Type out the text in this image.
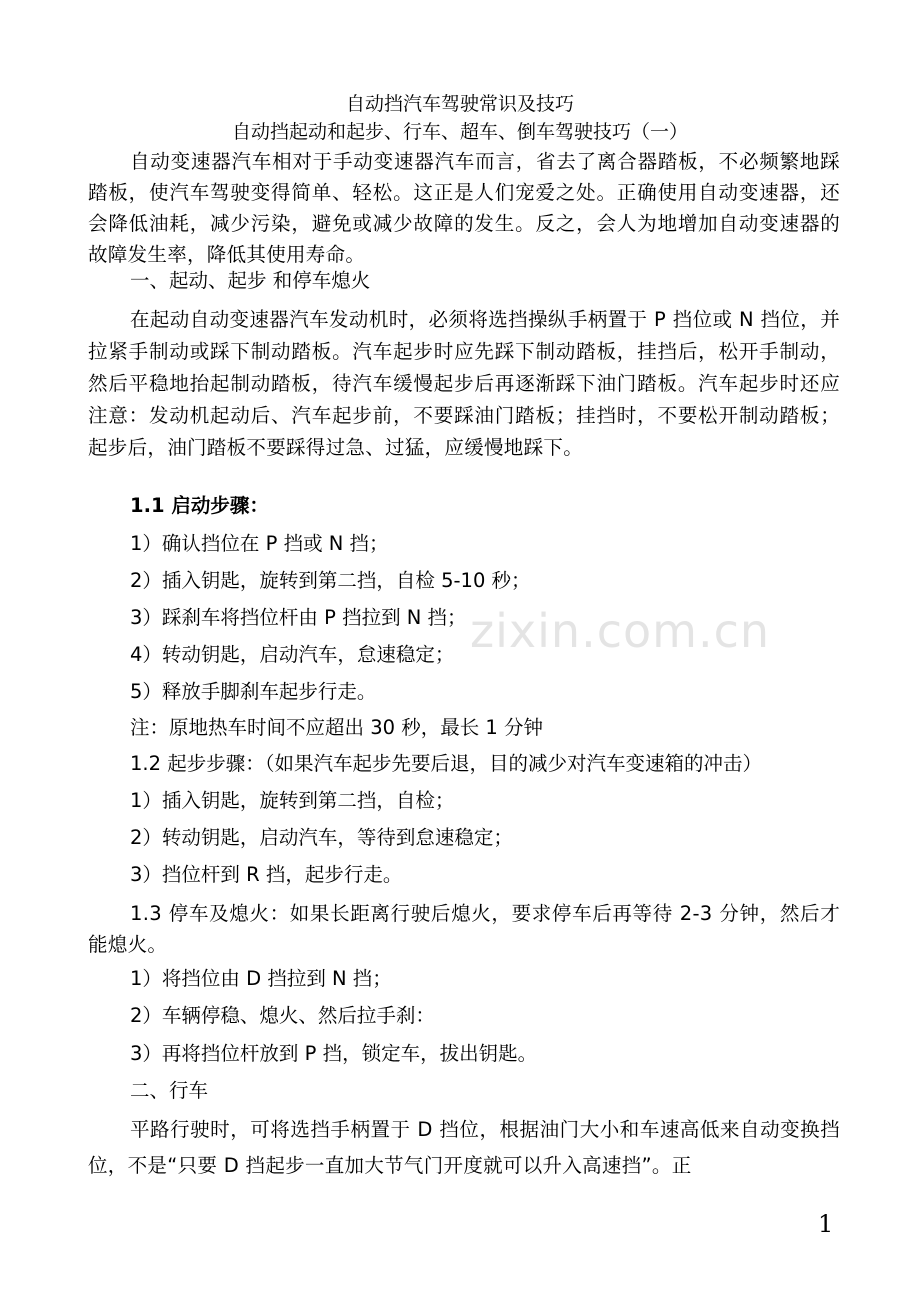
自动挡汽车驾驶常识及技巧
自动挡起动和起步、行车、超车、倒车驾驶技巧（一）
自动变速器汽车相对于手动变速器汽车而言，省去了离合器踏板，不必频繁地踩踏板，使汽车驾驶变得简单、轻松。这正是人们宠爱之处。正确使用自动变速器，还会降低油耗，减少污染，避免或减少故障的发生。反之，会人为地增加自动变速器的故障发生率，降低其使用寿命。
一、起动、起步 和停车熄火
在起动自动变速器汽车发动机时，必须将选挡操纵手柄置于 P 挡位或 N 挡位，并拉紧手制动或踩下制动踏板。汽车起步时应先踩下制动踏板，挂挡后，松开手制动，然后平稳地抬起制动踏板，待汽车缓慢起步后再逐渐踩下油门踏板。汽车起步时还应注意：发动机起动后、汽车起步前，不要踩油门踏板；挂挡时，不要松开制动踏板；起步后，油门踏板不要踩得过急、过猛，应缓慢地踩下。
1.1 启动步骤：
1）确认挡位在 P 挡或 N 挡；
2）插入钥匙，旋转到第二挡，自检 5-10 秒；
3）踩刹车将挡位杆由 P 挡拉到 N 挡；
4）转动钥匙，启动汽车，怠速稳定；
5）释放手脚刹车起步行走。
注：原地热车时间不应超出 30 秒，最长 1 分钟
1.2 起步步骤：（如果汽车起步先要后退，目的减少对汽车变速箱的冲击）
1）插入钥匙，旋转到第二挡，自检；
2）转动钥匙，启动汽车，等待到怠速稳定；
3）挡位杆到 R 挡，起步行走。
1.3 停车及熄火：如果长距离行驶后熄火，要求停车后再等待 2-3 分钟，然后才能熄火。
1）将挡位由 D 挡拉到 N 挡；
2）车辆停稳、熄火、然后拉手刹：
3）再将挡位杆放到 P 挡，锁定车，拔出钥匙。
二、行车
平路行驶时，可将选挡手柄置于 D 挡位，根据油门大小和车速高低来自动变换挡位，不是“只要 D 挡起步一直加大节气门开度就可以升入高速挡”。正
zixin.com.cn
1
